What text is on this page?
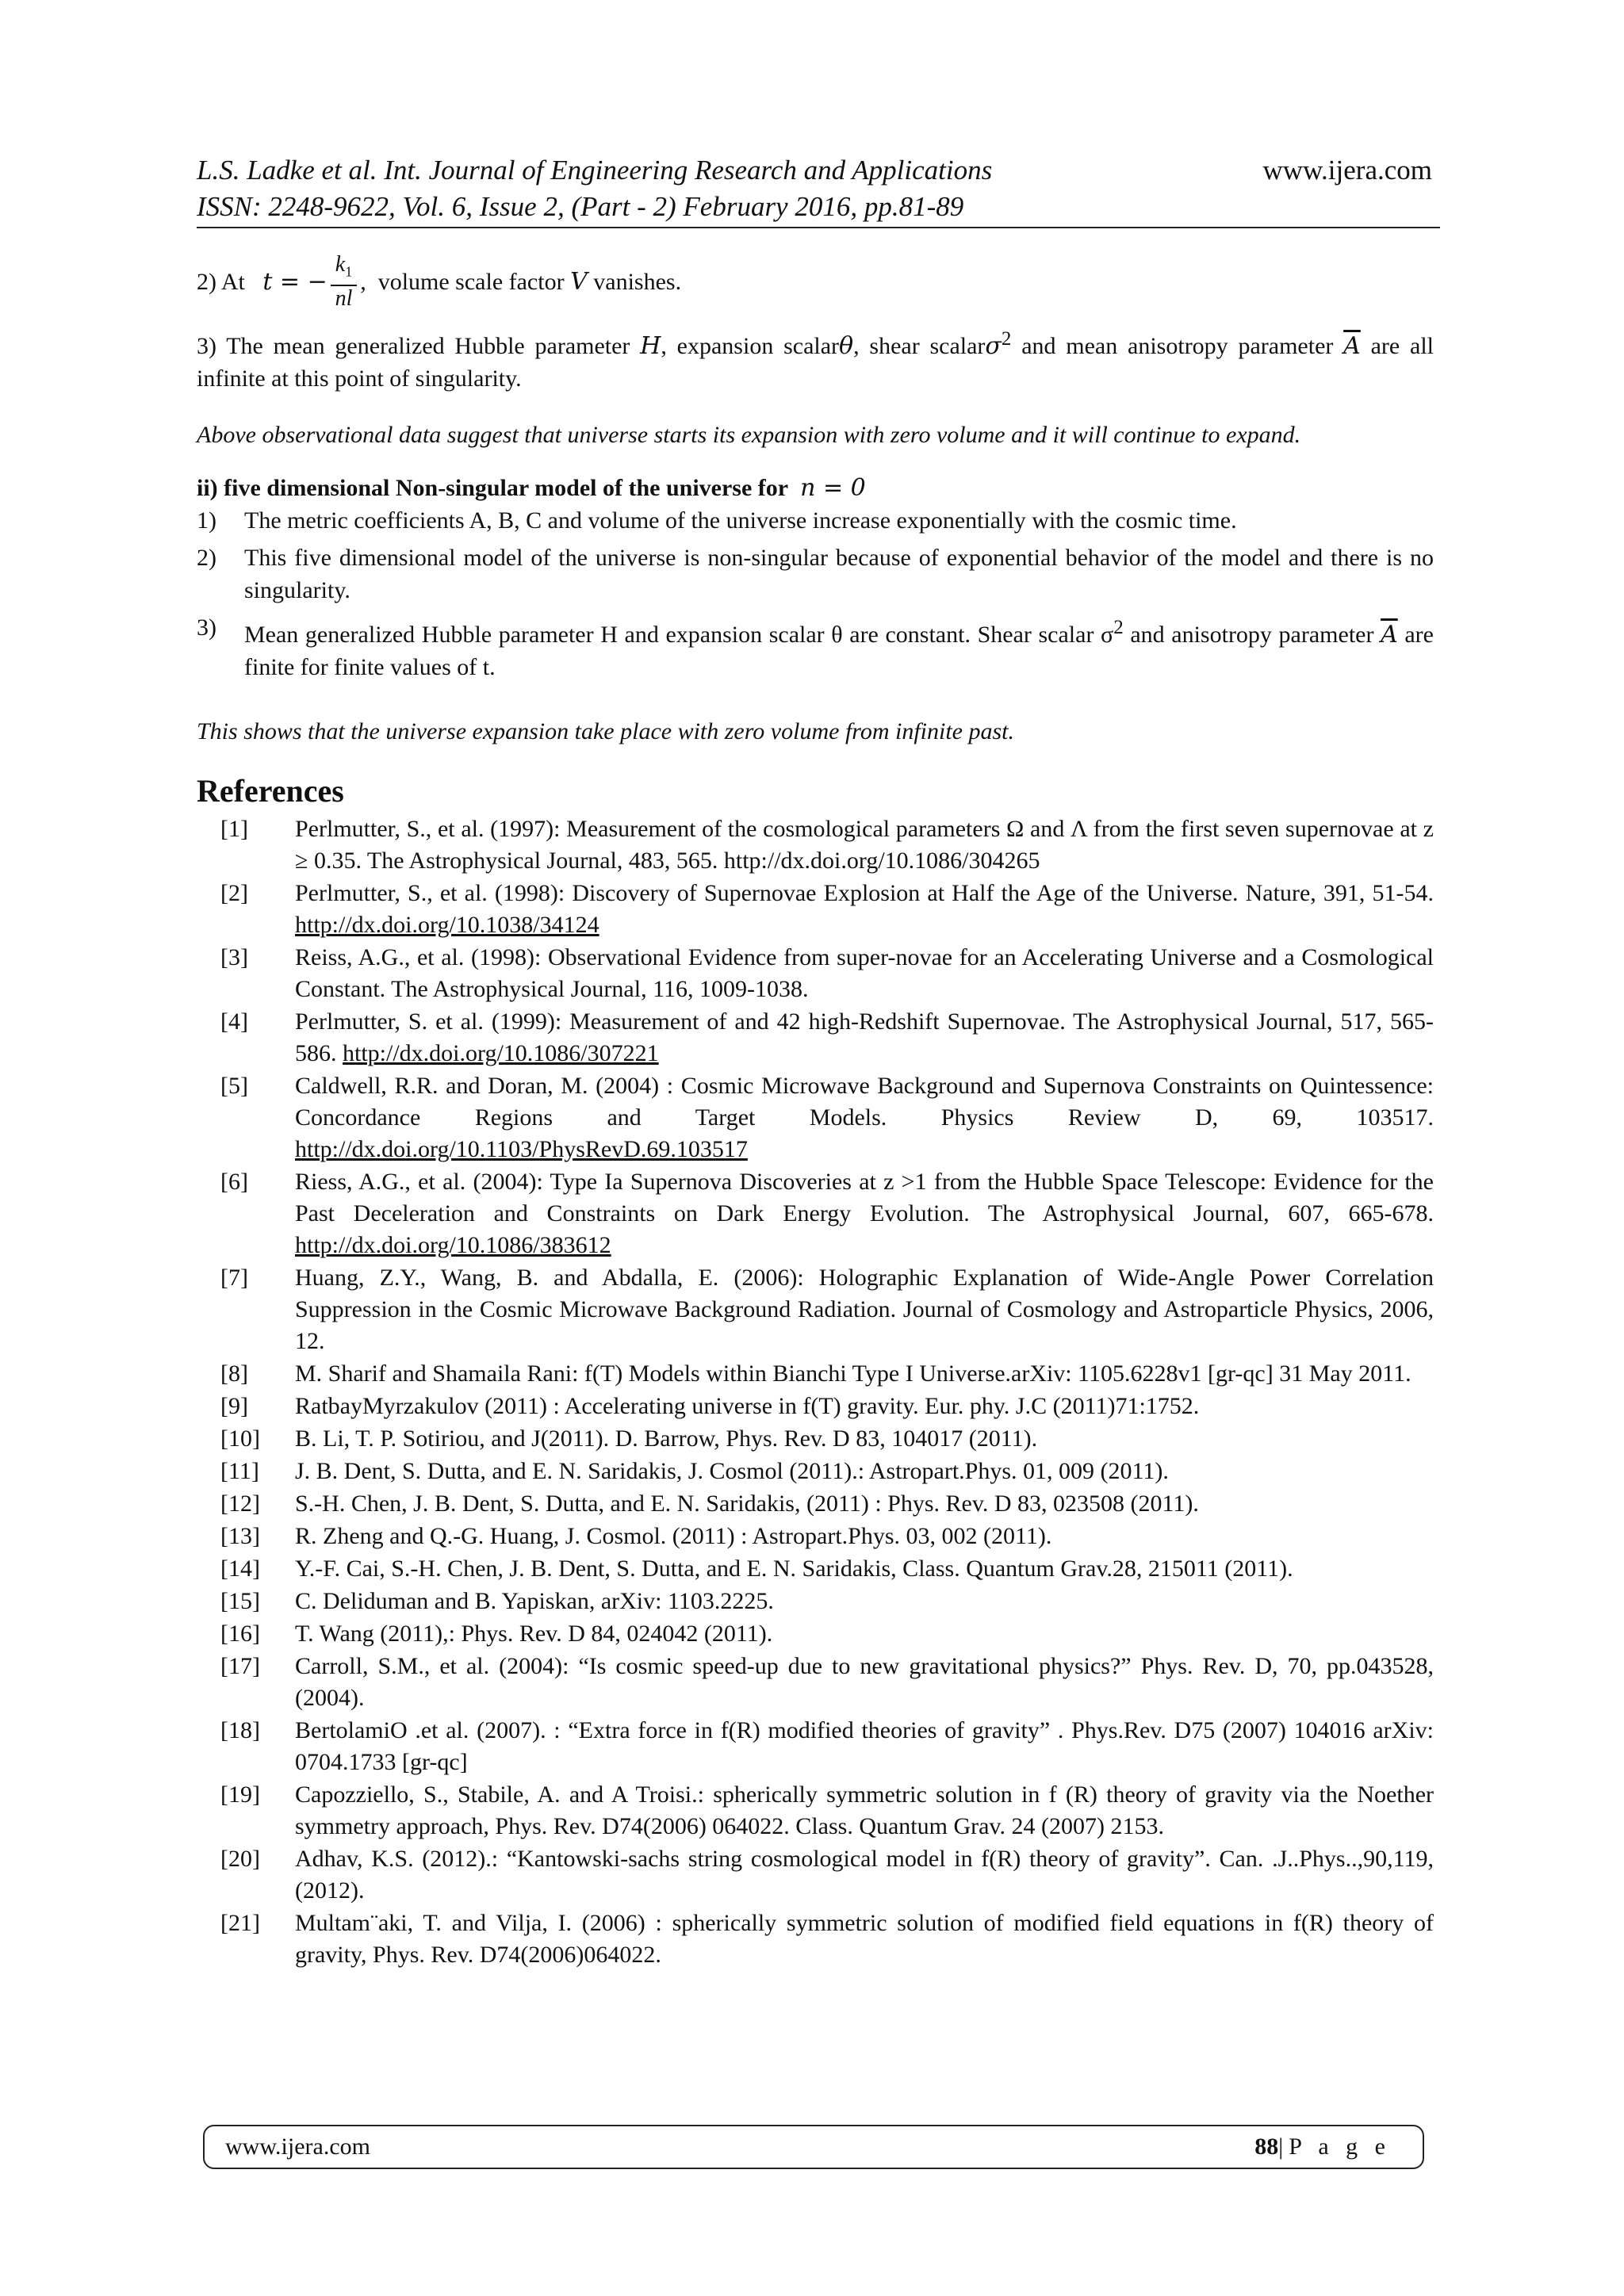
L.S. Ladke et al. Int. Journal of Engineering Research and Applications
ISSN: 2248-9622, Vol. 6, Issue 2, (Part - 2) February 2016, pp.81-89
www.ijera.com
2) At
t = − $\frac{k_1}{nl}$ ,
volume scale factor
V
vanishes.

3) The mean generalized Hubble parameter H, expansion scalarθ, shear scalarσ$^2$ and mean anisotropy parameter $\overline{A}$ are all infinite at this point of singularity.

Above observational data suggest that universe starts its expansion with zero volume and it will continue to expand.

ii) five dimensional Non-singular model of the universe for n = 0
1)	The metric coefficients A, B, C and volume of the universe increase exponentially with the cosmic time.
2)	This five dimensional model of the universe is non-singular because of exponential behavior of the model and there is no singularity.
3)	Mean generalized Hubble parameter H and expansion scalar θ are constant. Shear scalar $\sigma^2$ and anisotropy parameter $\overline{A}$ are finite for finite values of t.

This shows that the universe expansion take place with zero volume from infinite past.

References
[1]	Perlmutter, S., et al. (1997): Measurement of the cosmological parameters Ω and Λ from the first seven supernovae at z ≥ 0.35. The Astrophysical Journal, 483, 565. http://dx.doi.org/10.1086/304265
[2]	Perlmutter, S., et al. (1998): Discovery of Supernovae Explosion at Half the Age of the Universe. Nature, 391, 51-54. http://dx.doi.org/10.1038/34124
[3]	Reiss, A.G., et al. (1998): Observational Evidence from super-novae for an Accelerating Universe and a Cosmological Constant. The Astrophysical Journal, 116, 1009-1038.
[4]	Perlmutter, S. et al. (1999): Measurement of and 42 high-Redshift Supernovae. The Astrophysical Journal, 517, 565- 586. http://dx.doi.org/10.1086/307221
[5]	Caldwell, R.R. and Doran, M. (2004) : Cosmic Microwave Background and Supernova Constraints on Quintessence: Concordance Regions and Target Models. Physics Review D, 69, 103517. http://dx.doi.org/10.1103/PhysRevD.69.103517
[6]	Riess, A.G., et al. (2004): Type Ia Supernova Discoveries at z >1 from the Hubble Space Telescope: Evidence for the Past Deceleration and Constraints on Dark Energy Evolution. The Astrophysical Journal, 607, 665-678. http://dx.doi.org/10.1086/383612
[7]	Huang, Z.Y., Wang, B. and Abdalla, E. (2006): Holographic Explanation of Wide-Angle Power Correlation Suppression in the Cosmic Microwave Background Radiation. Journal of Cosmology and Astroparticle Physics, 2006, 12.
[8]	M. Sharif and Shamaila Rani: f(T) Models within Bianchi Type I Universe.arXiv: 1105.6228v1 [gr-qc] 31 May 2011.
[9]	RatbayMyrzakulov (2011) : Accelerating universe in f(T) gravity. Eur. phy. J.C (2011)71:1752.
[10]	B. Li, T. P. Sotiriou, and J(2011). D. Barrow, Phys. Rev. D 83, 104017 (2011).
[11]	J. B. Dent, S. Dutta, and E. N. Saridakis, J. Cosmol (2011).: Astropart.Phys. 01, 009 (2011).
[12]	S.-H. Chen, J. B. Dent, S. Dutta, and E. N. Saridakis, (2011) : Phys. Rev. D 83, 023508 (2011).
[13]	R. Zheng and Q.-G. Huang, J. Cosmol. (2011) : Astropart.Phys. 03, 002 (2011).
[14]	Y.-F. Cai, S.-H. Chen, J. B. Dent, S. Dutta, and E. N. Saridakis, Class. Quantum Grav.28, 215011 (2011).
[15]	C. Deliduman and B. Yapiskan, arXiv: 1103.2225.
[16]	T. Wang (2011),: Phys. Rev. D 84, 024042 (2011).
[17]	Carroll, S.M., et al. (2004): “Is cosmic speed-up due to new gravitational physics?” Phys. Rev. D, 70, pp.043528, (2004).
[18]	BertolamiO .et al. (2007). : “Extra force in f(R) modified theories of gravity” . Phys.Rev. D75 (2007) 104016 arXiv: 0704.1733 [gr-qc]
[19]	Capozziello, S., Stabile, A. and A Troisi.: spherically symmetric solution in f (R) theory of gravity via the Noether symmetry approach, Phys. Rev. D74(2006) 064022. Class. Quantum Grav. 24 (2007) 2153.
[20]	Adhav, K.S. (2012).: “Kantowski-sachs string cosmological model in f(R) theory of gravity”. Can. .J..Phys..,90,119, (2012).
[21]	Multam¨aki, T. and Vilja, I. (2006) : spherically symmetric solution of modified field equations in f(R) theory of gravity, Phys. Rev. D74(2006)064022.
www.ijera.com	88|P a g e
